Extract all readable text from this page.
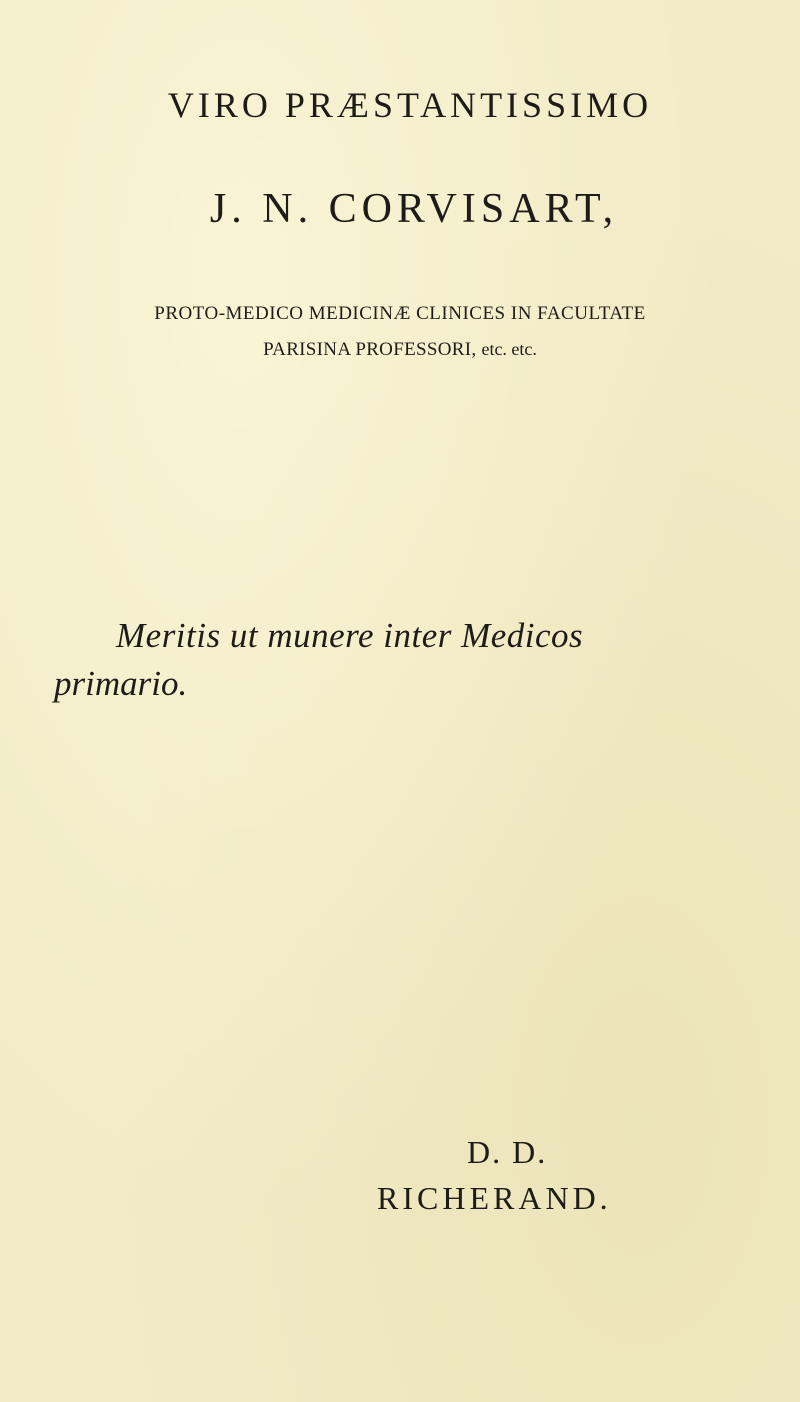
VIRO PRÆSTANTISSIMO
J. N. CORVISART,
PROTO-MEDICO MEDICINÆ CLINICES IN FACULTATE
PARISINA PROFESSORI, etc. etc.
Meritis ut munere inter Medicos
primario.
D. D.
RICHERAND.
